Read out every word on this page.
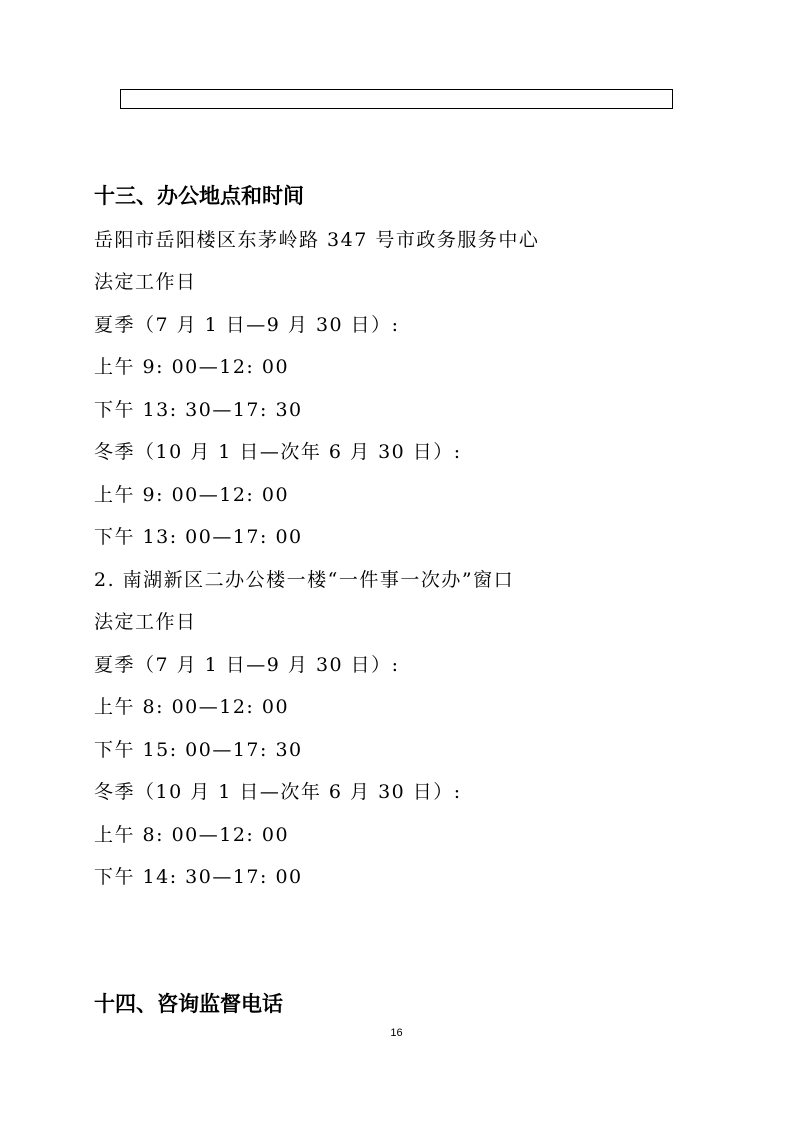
十三、办公地点和时间
岳阳市岳阳楼区东茅岭路 347 号市政务服务中心
法定工作日
夏季（7 月 1 日—9 月 30 日）:
上午 9: 00—12: 00
下午 13: 30—17: 30
冬季（10 月 1 日—次年 6 月 30 日）:
上午 9: 00—12: 00
下午 13: 00—17: 00
2. 南湖新区二办公楼一楼“一件事一次办”窗口
法定工作日
夏季（7 月 1 日—9 月 30 日）:
上午 8: 00—12: 00
下午 15: 00—17: 30
冬季（10 月 1 日—次年 6 月 30 日）:
上午 8: 00—12: 00
下午 14: 30—17: 00
十四、咨询监督电话
16
